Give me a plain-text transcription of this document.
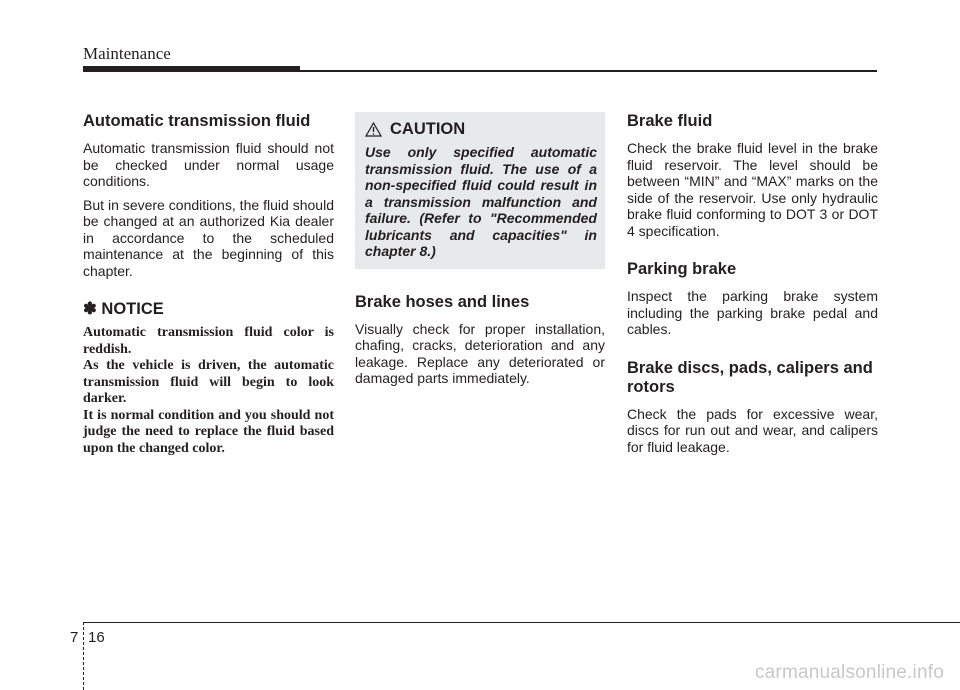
Maintenance
Automatic transmission fluid

Automatic transmission fluid should not be checked under normal usage conditions.

But in severe conditions, the fluid should be changed at an authorized Kia dealer in accordance to the scheduled maintenance at the beginning of this chapter.

✽ NOTICE

Automatic transmission fluid color is reddish.

As the vehicle is driven, the automatic transmission fluid will begin to look darker.

It is normal condition and you should not judge the need to replace the fluid based upon the changed color.

CAUTION

Use only specified automatic transmission fluid. The use of a non-specified fluid could result in a transmission malfunction and failure. (Refer to "Recommended lubricants and capacities" in chapter 8.)

Brake hoses and lines

Visually check for proper installation, chafing, cracks, deterioration and any leakage. Replace any deteriorated or damaged parts immediately.

Brake fluid

Check the brake fluid level in the brake fluid reservoir. The level should be between “MIN” and “MAX” marks on the side of the reservoir. Use only hydraulic brake fluid conforming to DOT 3 or DOT 4 specification.

Parking brake

Inspect the parking brake system including the parking brake pedal and cables.

Brake discs, pads, calipers and rotors

Check the pads for excessive wear, discs for run out and wear, and calipers for fluid leakage.

7 16
carmanualsonline.info
